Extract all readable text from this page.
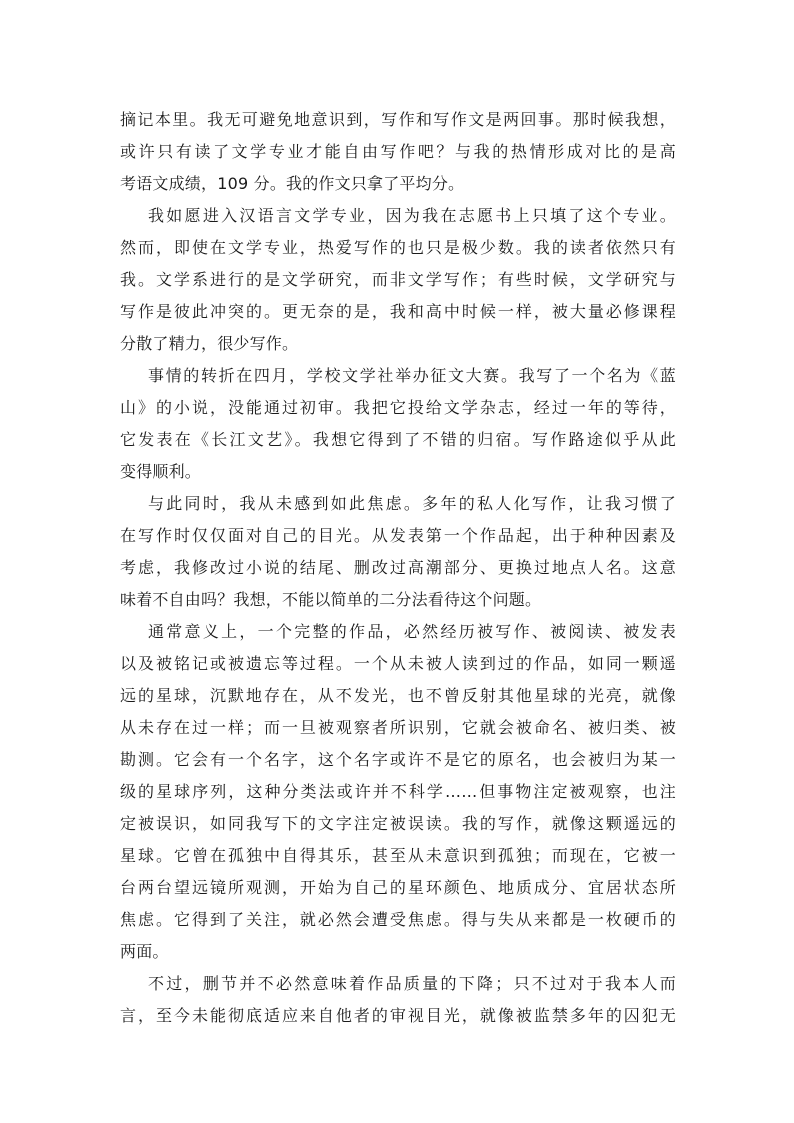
摘记本里。我无可避免地意识到，写作和写作文是两回事。那时候我想，
或许只有读了文学专业才能自由写作吧？与我的热情形成对比的是高
考语文成绩，109 分。我的作文只拿了平均分。
我如愿进入汉语言文学专业，因为我在志愿书上只填了这个专业。
然而，即使在文学专业，热爱写作的也只是极少数。我的读者依然只有
我。文学系进行的是文学研究，而非文学写作；有些时候，文学研究与
写作是彼此冲突的。更无奈的是，我和高中时候一样，被大量必修课程
分散了精力，很少写作。
事情的转折在四月，学校文学社举办征文大赛。我写了一个名为《蓝
山》的小说，没能通过初审。我把它投给文学杂志，经过一年的等待，
它发表在《长江文艺》。我想它得到了不错的归宿。写作路途似乎从此
变得顺利。
与此同时，我从未感到如此焦虑。多年的私人化写作，让我习惯了
在写作时仅仅面对自己的目光。从发表第一个作品起，出于种种因素及
考虑，我修改过小说的结尾、删改过高潮部分、更换过地点人名。这意
味着不自由吗？我想，不能以简单的二分法看待这个问题。
通常意义上，一个完整的作品，必然经历被写作、被阅读、被发表
以及被铭记或被遗忘等过程。一个从未被人读到过的作品，如同一颗遥
远的星球，沉默地存在，从不发光，也不曾反射其他星球的光亮，就像
从未存在过一样；而一旦被观察者所识别，它就会被命名、被归类、被
勘测。它会有一个名字，这个名字或许不是它的原名，也会被归为某一
级的星球序列，这种分类法或许并不科学……但事物注定被观察，也注
定被误识，如同我写下的文字注定被误读。我的写作，就像这颗遥远的
星球。它曾在孤独中自得其乐，甚至从未意识到孤独；而现在，它被一
台两台望远镜所观测，开始为自己的星环颜色、地质成分、宜居状态所
焦虑。它得到了关注，就必然会遭受焦虑。得与失从来都是一枚硬币的
两面。
不过，删节并不必然意味着作品质量的下降；只不过对于我本人而
言，至今未能彻底适应来自他者的审视目光，就像被监禁多年的囚犯无
